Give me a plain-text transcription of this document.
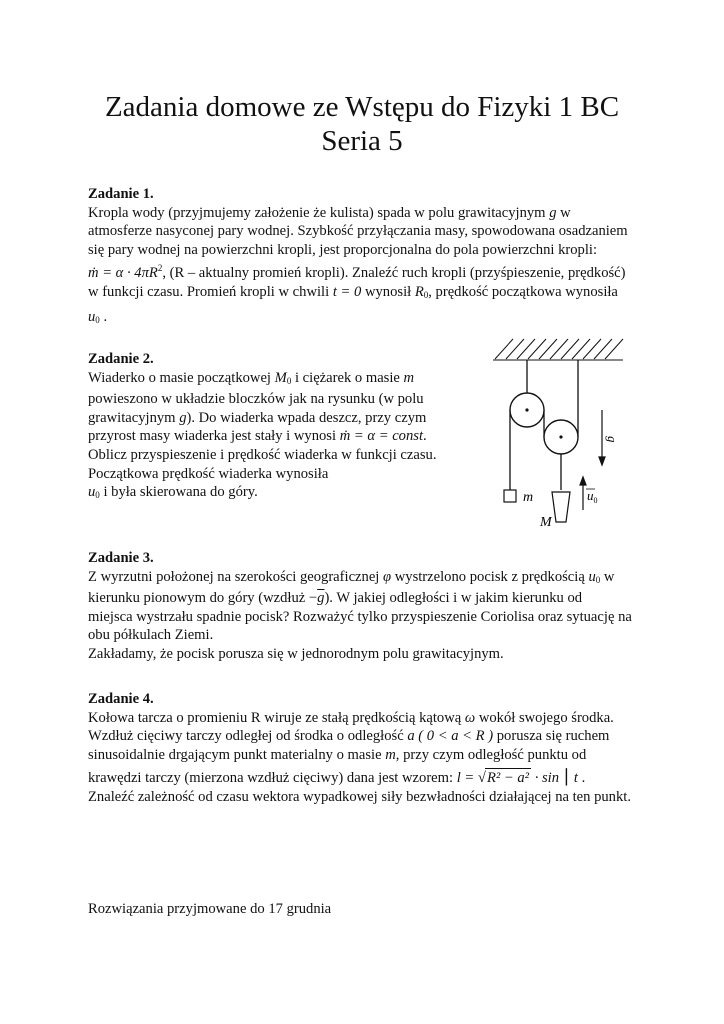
Zadania domowe ze Wstępu do Fizyki 1 BC
Seria 5

Zadanie 1.

Kropla wody (przyjmujemy założenie że kulista) spada w polu grawitacyjnym g w

atmosferze nasyconej pary wodnej. Szybkość przyłączania masy, spowodowana osadzaniem

się pary wodnej na powierzchni kropli, jest proporcjonalna do pola powierzchni kropli:

ṁ = $\alpha \cdot 4\pi R^2$, (R – aktualny promień kropli). Znaleźć ruch kropli (przyśpieszenie, prędkość)

w funkcji czasu. Promień kropli w chwili t = 0 wynosił $R_0$, prędkość początkowa wynosiła

$u_0$ .

Zadanie 2.

Wiaderko o masie początkowej $M_0$ i ciężarek o masie m

powieszono w układzie bloczków jak na rysunku (w polu

grawitacyjnym g). Do wiaderka wpada deszcz, przy czym

przyrost masy wiaderka jest stały i wynosi ṁ = α = const.

Oblicz przyspieszenie i prędkość wiaderka w funkcji czasu.

Początkowa prędkość wiaderka wynosiła

$u_0$ i była skierowana do góry.	m
M
$u_0$
g

Zadanie 3.

Z wyrzutni położonej na szerokości geograficznej φ wystrzelono pocisk z prędkością $u_0$ w

kierunku pionowym do góry (wzdłuż $-\overline{g}$). W jakiej odległości i w jakim kierunku od

miejsca wystrzału spadnie pocisk? Rozważyć tylko przyspieszenie Coriolisa oraz sytuację na

obu półkulach Ziemi.

Zakładamy, że pocisk porusza się w jednorodnym polu grawitacyjnym.

Zadanie 4.

Kołowa tarcza o promieniu R wiruje ze stałą prędkością kątową ω wokół swojego środka.

Wzdłuż cięciwy tarczy odległej od środka o odległość a ( 0 < a < R ) porusza się ruchem

sinusoidalnie drgającym punkt materialny o masie m, przy czym odległość punktu od

krawędzi tarczy (mierzona wzdłuż cięciwy) dana jest wzorem: l = √R² − a² · sin ⎮ t .

Znaleźć zależność od czasu wektora wypadkowej siły bezwładności działającej na ten punkt.

Rozwiązania przyjmowane do 17 grudnia
